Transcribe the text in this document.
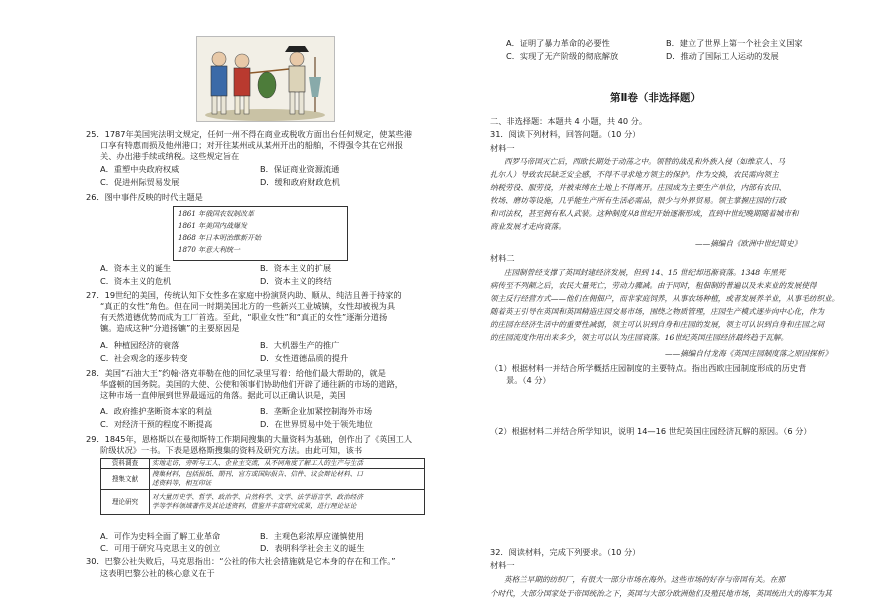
25．1787年美国宪法明文规定，任何一州不得在商业或税收方面出台任何规定，使某些港
口享有特惠而损及他州港口；对开往某州或从某州开出的船舶，不得强令其在它州报
关、办出港手续或纳税。这些规定旨在
A．重塑中央政府权威	B．保证商业资源流通
C．促进州际贸易发展	D．缓和政府财政危机
26．图中事件反映的时代主题是
1861 年俄国农奴制改革
1861 年美国内战爆发
1868 年日本明治维新开始
1870 年意大利统一
A．资本主义的诞生	B．资本主义的扩展
C．资本主义的危机	D．资本主义的终结
27．19世纪的美国，传统认知下女性多在家庭中扮演贤内助、顺从、纯洁且善于持家的
“真正的女性”角色。但在同一时期美国北方的一些新兴工业城镇，女性却被视为具
有天然道德优势而成为工厂首选。至此，“职业女性”和“真正的女性”逐渐分道扬
镳。造成这种“分道扬镳”的主要原因是
A．种植园经济的衰落	B．大机器生产的推广
C．社会观念的逐步转变	D．女性道德品质的提升
28．美国“石油大王”约翰·洛克菲勒在他的回忆录里写着：给他们最大帮助的，就是
华盛顿的国务院。美国的大使、公使和领事们协助他们开辟了通往新的市场的道路，
这种市场一直伸展到世界最遥远的角落。据此可以正确认识是，美国
A．政府推护垄断资本家的利益	B．垄断企业加紧控制海外市场
C．对经济干预的程度不断提高	D．在世界贸易中处于领先地位
29．1845年，恩格斯以在曼彻斯特工作期间搜集的大量资料为基础，创作出了《英国工人
阶级状况》一书。下表是恩格斯搜集的资料及研究方法。由此可知，该书
资料调查	实地走访，旁听与工人、企业主交流，从不同角度了解工人的生产与生活
搜集文献	搜集材料，包括报纸、期刊、官方或国际报告、信件、议会辩论材料、口
述资料等，相互印证

理论研究	对大量历史学、哲学、政治学、自然科学、文学、法学语言学、政治经济
学等学科领域著作及其论述资料，借鉴并丰富研究成果，进行理论证论
A．可作为史料全面了解工业革命	B．主观色彩浓厚应谨慎使用
C．可用于研究马克思主义的创立	D．表明科学社会主义的诞生
30．巴黎公社失败后，马克思指出：“公社的伟大社会措施就是它本身的存在和工作。”
这表明巴黎公社的核心意义在于
A．证明了暴力革命的必要性	B．建立了世界上第一个社会主义国家
C．实现了无产阶级的彻底解放	D．推动了国际工人运动的发展
第Ⅱ卷（非选择题）
二、非选择题：本题共 4 小题，共 40 分。
31．阅读下列材料，回答问题。（10 分）
材料一
西罗马帝国灭亡后，西欧长期处于动荡之中。领替的战乱和外族入侵（如维京人、马
扎尔人）导致农民缺乏安全感，不得不寻求地方领主的保护。作为交换，农民需向领主
纳税劳役、服劳役，并被束缚在土地上不得离开。庄园成为主要生产单位，内部有农田、
牧场、磨坊等设施，几乎能生产所有生活必需品，很少与外界贸易。领主掌握庄园的行政
和司法权，甚至拥有私人武装。这种制度从8世纪开始逐渐形成，直到中世纪晚期随着城市和
商业发展才走向衰落。
——摘编自《欧洲中世纪简史》
材料二
庄园制曾经支撑了英国封建经济发展，但到 14、15 世纪却迅渐衰落。1348 年黑死
病传至不列颠之后，农民大量死亡，劳动力骤减。由于同时，租佃制的普遍以及未来业的发展使得
领主反行经营方式——他们在佣佃户，而非家庭饲养，从事农场种植，或者发展养羊业，从事毛纺织业。
随着英王引导在英国和英国精造庄园交易市场，围绕之物质管理，庄园生产模式逐步向中心化，作为
的庄园在经济生活中的重要性减弱，领主可认识到自身和庄园的发展，领主可认识到自身和庄园之间
的庄园流度作用出来多少，领主可以认为庄园衰落。16世纪英国庄园经济最终趋于瓦解。
——摘编自付龙海《英国庄园制度落之原因探析》
（1）根据材料一并结合所学概括庄园制度的主要特点。指出西欧庄园制度形成的历史背
景。（4 分）
（2）根据材料二并结合所学知识，说明 14—16 世纪英国庄园经济瓦解的原因。（6 分）
32．阅读材料，完成下列要求。（10 分）
材料一
英格兰早期的纺织厂，有很大一部分市场在海外。这些市场的好存与帝国有关。在那
个时代，大部分国家处于帝国统治之下，英国与大部分欧洲他们及殖民地市场，英国统出大的海军为其
